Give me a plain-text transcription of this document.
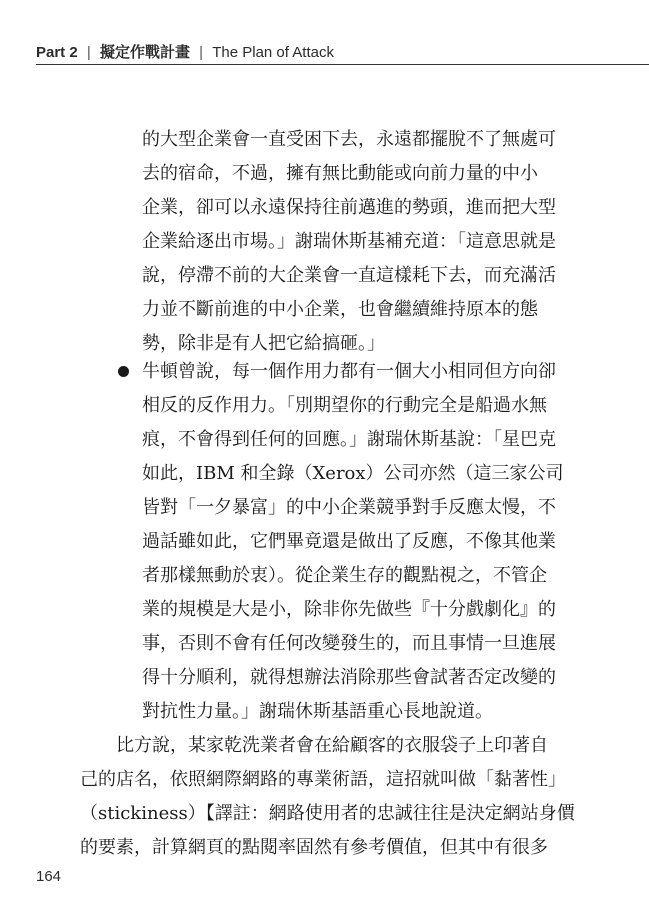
Part 2 | 擬定作戰計畫 | The Plan of Attack
的大型企業會一直受困下去，永遠都擺脫不了無處可
去的宿命，不過，擁有無比動能或向前力量的中小
企業，卻可以永遠保持往前邁進的勢頭，進而把大型
企業給逐出市場。」謝瑞休斯基補充道：「這意思就是
說，停滯不前的大企業會一直這樣耗下去，而充滿活
力並不斷前進的中小企業，也會繼續維持原本的態
勢，除非是有人把它給搞砸。」
牛頓曾說，每一個作用力都有一個大小相同但方向卻
相反的反作用力。「別期望你的行動完全是船過水無
痕，不會得到任何的回應。」謝瑞休斯基說：「星巴克
如此，IBM 和全錄（Xerox）公司亦然（這三家公司
皆對「一夕暴富」的中小企業競爭對手反應太慢，不
過話雖如此，它們畢竟還是做出了反應，不像其他業
者那樣無動於衷）。從企業生存的觀點視之，不管企
業的規模是大是小，除非你先做些『十分戲劇化』的
事，否則不會有任何改變發生的，而且事情一旦進展
得十分順利，就得想辦法消除那些會試著否定改變的
對抗性力量。」謝瑞休斯基語重心長地說道。
比方說，某家乾洗業者會在給顧客的衣服袋子上印著自
己的店名，依照網際網路的專業術語，這招就叫做「黏著性」
（stickiness）【譯註：網路使用者的忠誠往往是決定網站身價
的要素，計算網頁的點閱率固然有參考價值，但其中有很多
164
